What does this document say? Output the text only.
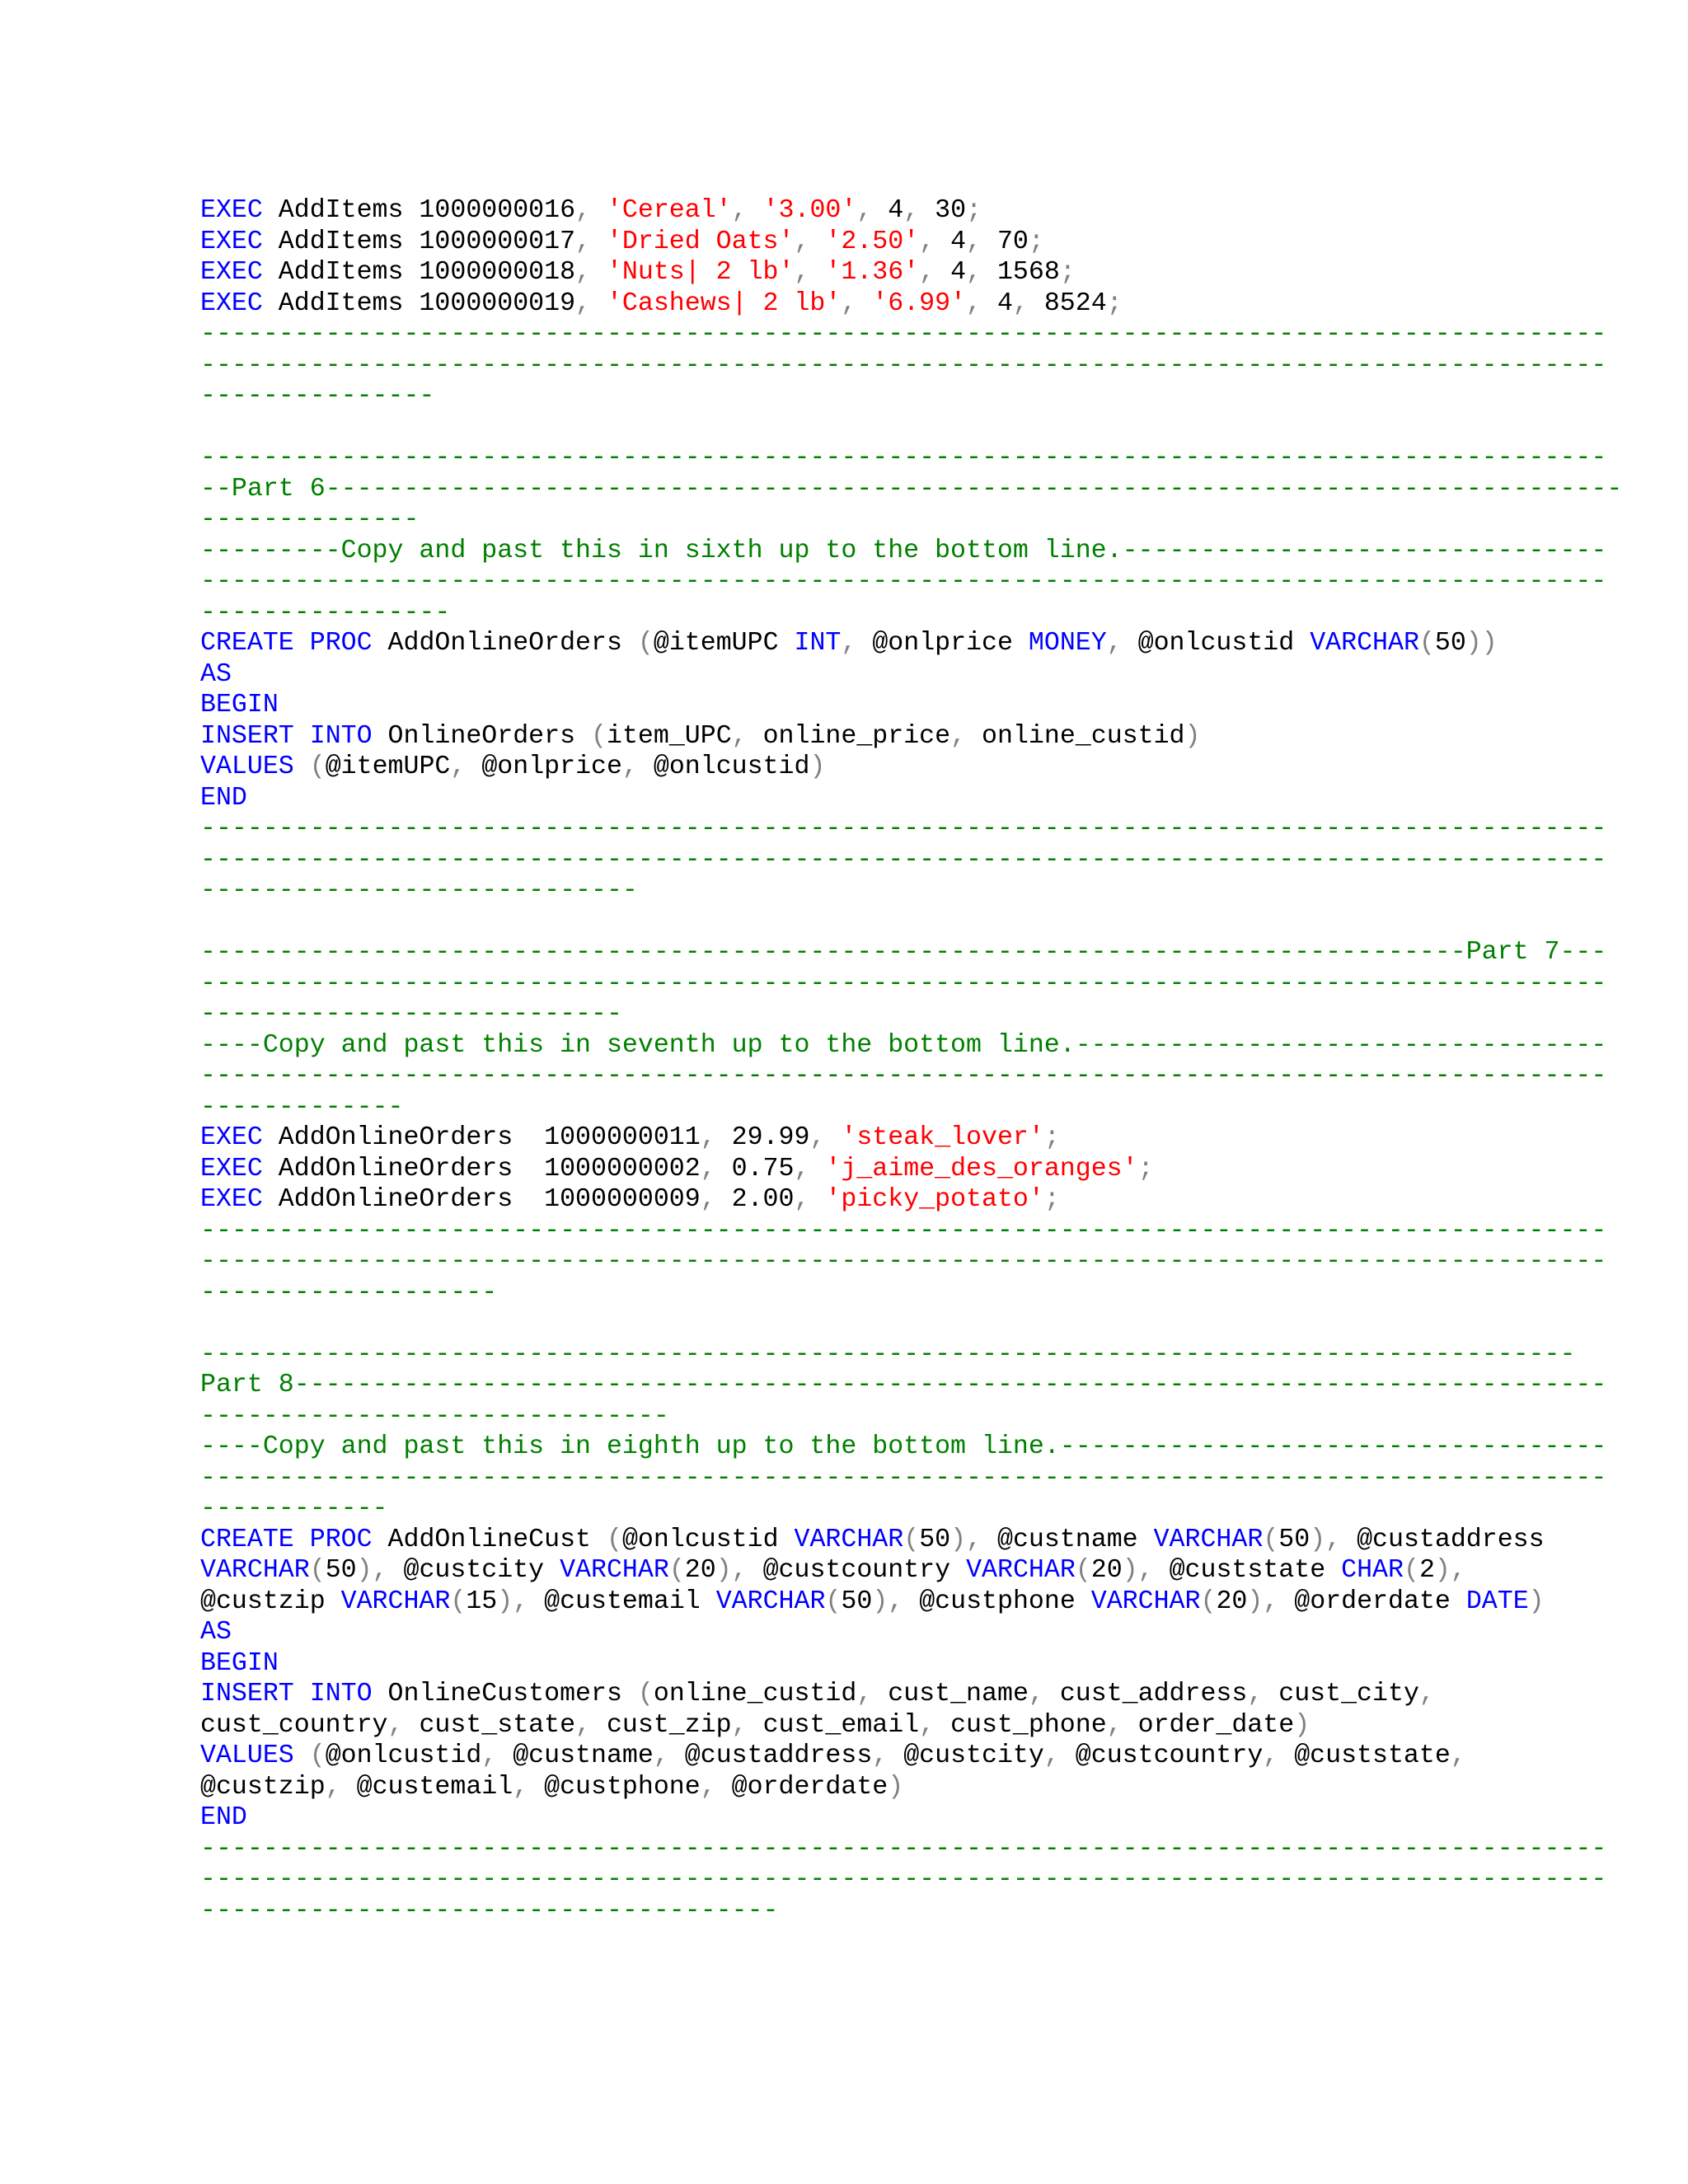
EXEC AddItems 1000000016, 'Cereal', '3.00', 4, 30;
EXEC AddItems 1000000017, 'Dried Oats', '2.50', 4, 70;
EXEC AddItems 1000000018, 'Nuts| 2 lb', '1.36', 4, 1568;
EXEC AddItems 1000000019, 'Cashews| 2 lb', '6.99', 4, 8524;
------------------------------------------------------------------------------------------
------------------------------------------------------------------------------------------
---------------

------------------------------------------------------------------------------------------
--Part 6-----------------------------------------------------------------------------------
--------------
---------Copy and past this in sixth up to the bottom line.-------------------------------
------------------------------------------------------------------------------------------
----------------
CREATE PROC AddOnlineOrders (@itemUPC INT, @onlprice MONEY, @onlcustid VARCHAR(50))
AS
BEGIN
INSERT INTO OnlineOrders (item_UPC, online_price, online_custid)
VALUES (@itemUPC, @onlprice, @onlcustid)
END
------------------------------------------------------------------------------------------
------------------------------------------------------------------------------------------
----------------------------

---------------------------------------------------------------------------------Part 7---
------------------------------------------------------------------------------------------
---------------------------
----Copy and past this in seventh up to the bottom line.----------------------------------
------------------------------------------------------------------------------------------
-------------
EXEC AddOnlineOrders  1000000011, 29.99, 'steak_lover';
EXEC AddOnlineOrders  1000000002, 0.75, 'j_aime_des_oranges';
EXEC AddOnlineOrders  1000000009, 2.00, 'picky_potato';
------------------------------------------------------------------------------------------
------------------------------------------------------------------------------------------
-------------------

----------------------------------------------------------------------------------------
Part 8------------------------------------------------------------------------------------
------------------------------
----Copy and past this in eighth up to the bottom line.-----------------------------------
------------------------------------------------------------------------------------------
------------
CREATE PROC AddOnlineCust (@onlcustid VARCHAR(50), @custname VARCHAR(50), @custaddress
VARCHAR(50), @custcity VARCHAR(20), @custcountry VARCHAR(20), @custstate CHAR(2),
@custzip VARCHAR(15), @custemail VARCHAR(50), @custphone VARCHAR(20), @orderdate DATE)
AS
BEGIN
INSERT INTO OnlineCustomers (online_custid, cust_name, cust_address, cust_city,
cust_country, cust_state, cust_zip, cust_email, cust_phone, order_date)
VALUES (@onlcustid, @custname, @custaddress, @custcity, @custcountry, @custstate,
@custzip, @custemail, @custphone, @orderdate)
END
------------------------------------------------------------------------------------------
------------------------------------------------------------------------------------------
-------------------------------------
